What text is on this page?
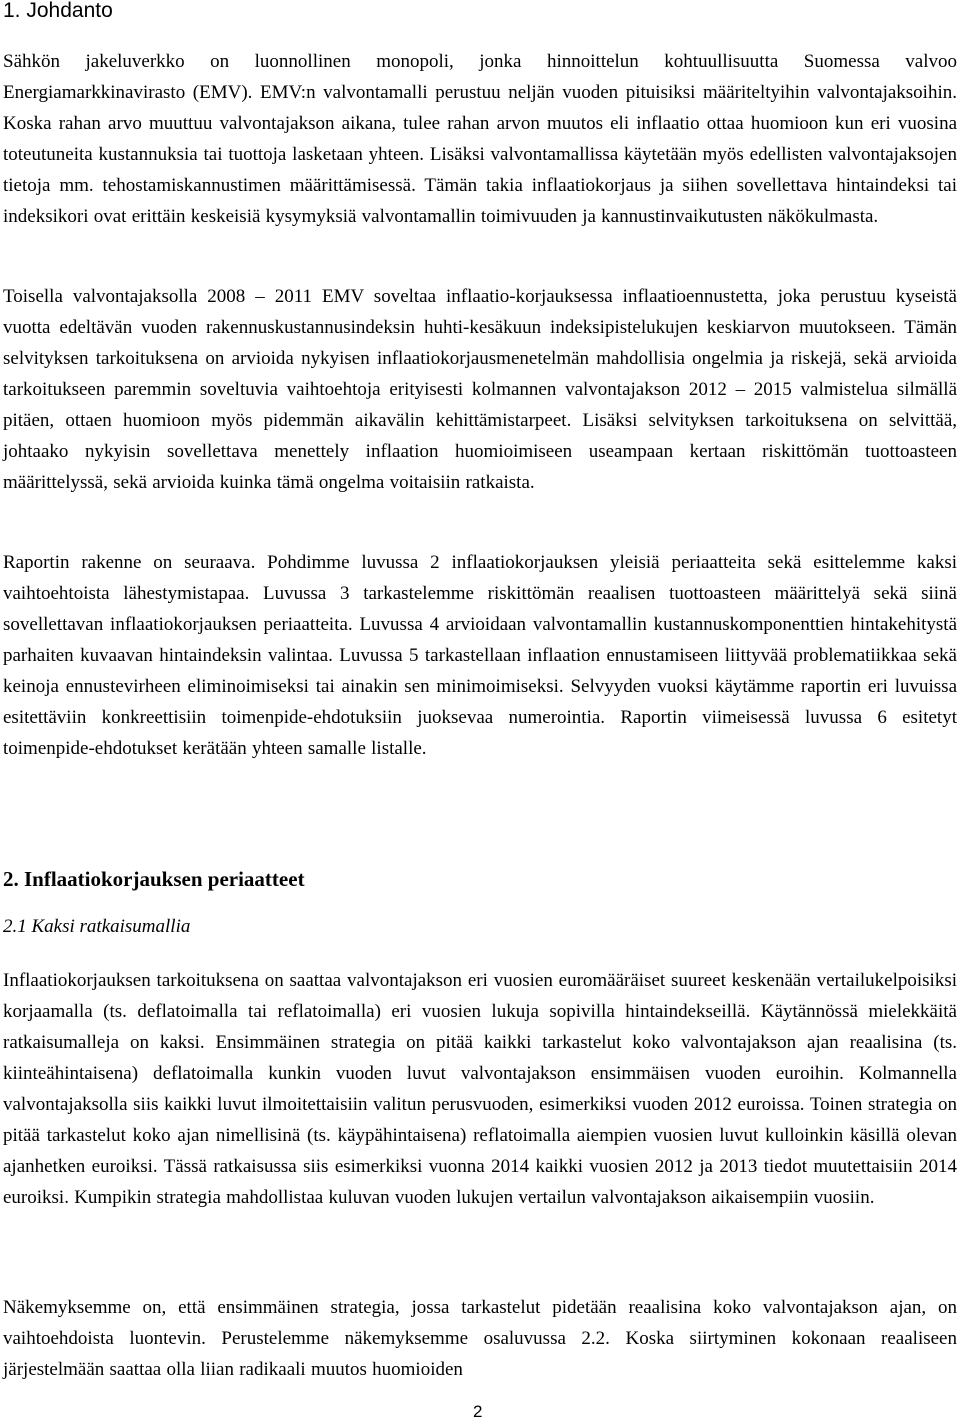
1. Johdanto

Sähkön jakeluverkko on luonnollinen monopoli, jonka hinnoittelun kohtuullisuutta Suomessa valvoo Energiamarkkinavirasto (EMV). EMV:n valvontamalli perustuu neljän vuoden pituisiksi määriteltyihin valvontajaksoihin. Koska rahan arvo muuttuu valvontajakson aikana, tulee rahan arvon muutos eli inflaatio ottaa huomioon kun eri vuosina toteutuneita kustannuksia tai tuottoja lasketaan yhteen. Lisäksi valvontamallissa käytetään myös edellisten valvontajaksojen tietoja mm. tehostamiskannustimen määrittämisessä. Tämän takia inflaatiokorjaus ja siihen sovellettava hintaindeksi tai indeksikori ovat erittäin keskeisiä kysymyksiä valvontamallin toimivuuden ja kannustinvaikutusten näkökulmasta.

Toisella valvontajaksolla 2008 – 2011 EMV soveltaa inflaatio-korjauksessa inflaatioennustetta, joka perustuu kyseistä vuotta edeltävän vuoden rakennuskustannusindeksin huhti-kesäkuun indeksipistelukujen keskiarvon muutokseen. Tämän selvityksen tarkoituksena on arvioida nykyisen inflaatiokorjausmenetelmän mahdollisia ongelmia ja riskejä, sekä arvioida tarkoitukseen paremmin soveltuvia vaihtoehtoja erityisesti kolmannen valvontajakson 2012 – 2015 valmistelua silmällä pitäen, ottaen huomioon myös pidemmän aikavälin kehittämistarpeet. Lisäksi selvityksen tarkoituksena on selvittää, johtaako nykyisin sovellettava menettely inflaation huomioimiseen useampaan kertaan riskittömän tuottoasteen määrittelyssä, sekä arvioida kuinka tämä ongelma voitaisiin ratkaista.

Raportin rakenne on seuraava. Pohdimme luvussa 2 inflaatiokorjauksen yleisiä periaatteita sekä esittelemme kaksi vaihtoehtoista lähestymistapaa. Luvussa 3 tarkastelemme riskittömän reaalisen tuottoasteen määrittelyä sekä siinä sovellettavan inflaatiokorjauksen periaatteita. Luvussa 4 arvioidaan valvontamallin kustannuskomponenttien hintakehitystä parhaiten kuvaavan hintaindeksin valintaa. Luvussa 5 tarkastellaan inflaation ennustamiseen liittyvää problematiikkaa sekä keinoja ennustevirheen eliminoimiseksi tai ainakin sen minimoimiseksi. Selvyyden vuoksi käytämme raportin eri luvuissa esitettäviin konkreettisiin toimenpide-ehdotuksiin juoksevaa numerointia. Raportin viimeisessä luvussa 6 esitetyt toimenpide-ehdotukset kerätään yhteen samalle listalle.

2. Inflaatiokorjauksen periaatteet
2.1 Kaksi ratkaisumallia

Inflaatiokorjauksen tarkoituksena on saattaa valvontajakson eri vuosien euromääräiset suureet keskenään vertailukelpoisiksi korjaamalla (ts. deflatoimalla tai reflatoimalla) eri vuosien lukuja sopivilla hintaindekseillä. Käytännössä mielekkäitä ratkaisumalleja on kaksi. Ensimmäinen strategia on pitää kaikki tarkastelut koko valvontajakson ajan reaalisina (ts. kiinteähintaisena) deflatoimalla kunkin vuoden luvut valvontajakson ensimmäisen vuoden euroihin. Kolmannella valvontajaksolla siis kaikki luvut ilmoitettaisiin valitun perusvuoden, esimerkiksi vuoden 2012 euroissa. Toinen strategia on pitää tarkastelut koko ajan nimellisinä (ts. käypähintaisena) reflatoimalla aiempien vuosien luvut kulloinkin käsillä olevan ajanhetken euroiksi. Tässä ratkaisussa siis esimerkiksi vuonna 2014 kaikki vuosien 2012 ja 2013 tiedot muutettaisiin 2014 euroiksi. Kumpikin strategia mahdollistaa kuluvan vuoden lukujen vertailun valvontajakson aikaisempiin vuosiin.

Näkemyksemme on, että ensimmäinen strategia, jossa tarkastelut pidetään reaalisina koko valvontajakson ajan, on vaihtoehdoista luontevin. Perustelemme näkemyksemme osaluvussa 2.2. Koska siirtyminen kokonaan reaaliseen järjestelmään saattaa olla liian radikaali muutos huomioiden

2
